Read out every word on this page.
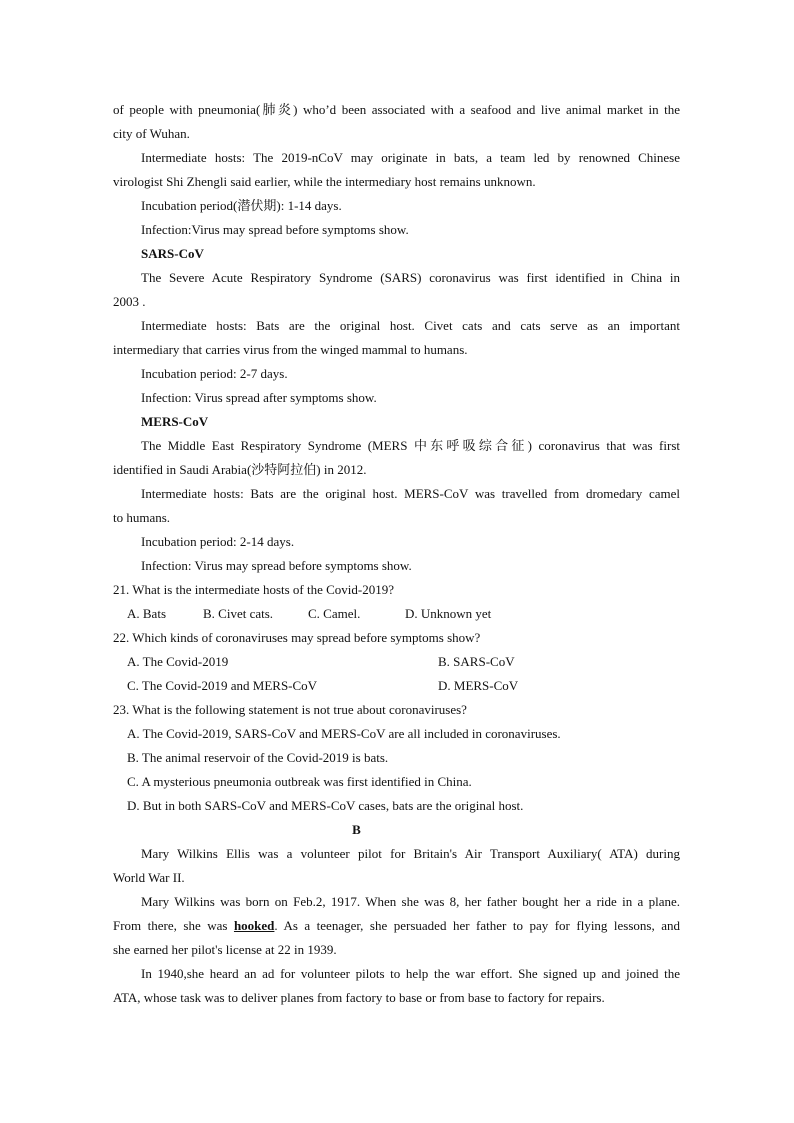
of people with pneumonia(肺炎) who’d been associated with a seafood and live animal market in the
city of Wuhan.
Intermediate hosts: The 2019-nCoV may originate in bats, a team led by renowned Chinese
virologist Shi Zhengli said earlier, while the intermediary host remains unknown.
Incubation period(潜伏期): 1-14 days.
Infection:Virus may spread before symptoms show.
SARS-CoV
The Severe Acute Respiratory Syndrome (SARS) coronavirus was first identified in China in
2003 .
Intermediate hosts: Bats are the original host. Civet cats and cats serve as an important
intermediary that carries virus from the winged mammal to humans.
Incubation period: 2-7 days.
Infection: Virus spread after symptoms show.
MERS-CoV
The Middle East Respiratory Syndrome (MERS 中东呼吸综合征) coronavirus that was first
identified in Saudi Arabia(沙特阿拉伯) in 2012.
Intermediate hosts: Bats are the original host. MERS-CoV was travelled from dromedary camel
to humans.
Incubation period: 2-14 days.
Infection: Virus may spread before symptoms show.
21. What is the intermediate hosts of the Covid-2019?
A. Bats	B. Civet cats.	C. Camel.	D. Unknown yet
22. Which kinds of coronaviruses may spread before symptoms show?
A. The Covid-2019	B. SARS-CoV
C. The Covid-2019 and MERS-CoV	D. MERS-CoV
23. What is the following statement is not true about coronaviruses?
A. The Covid-2019, SARS-CoV and MERS-CoV are all included in coronaviruses.
B. The animal reservoir of the Covid-2019 is bats.
C. A mysterious pneumonia outbreak was first identified in China.
D. But in both SARS-CoV and MERS-CoV cases, bats are the original host.
B
Mary Wilkins Ellis was a volunteer pilot for Britain's Air Transport Auxiliary( ATA) during
World War II.
Mary Wilkins was born on Feb.2, 1917. When she was 8, her father bought her a ride in a plane.
From there, she was hooked. As a teenager, she persuaded her father to pay for flying lessons, and
she earned her pilot's license at 22 in 1939.
In 1940,she heard an ad for volunteer pilots to help the war effort. She signed up and joined the
ATA, whose task was to deliver planes from factory to base or from base to factory for repairs.
